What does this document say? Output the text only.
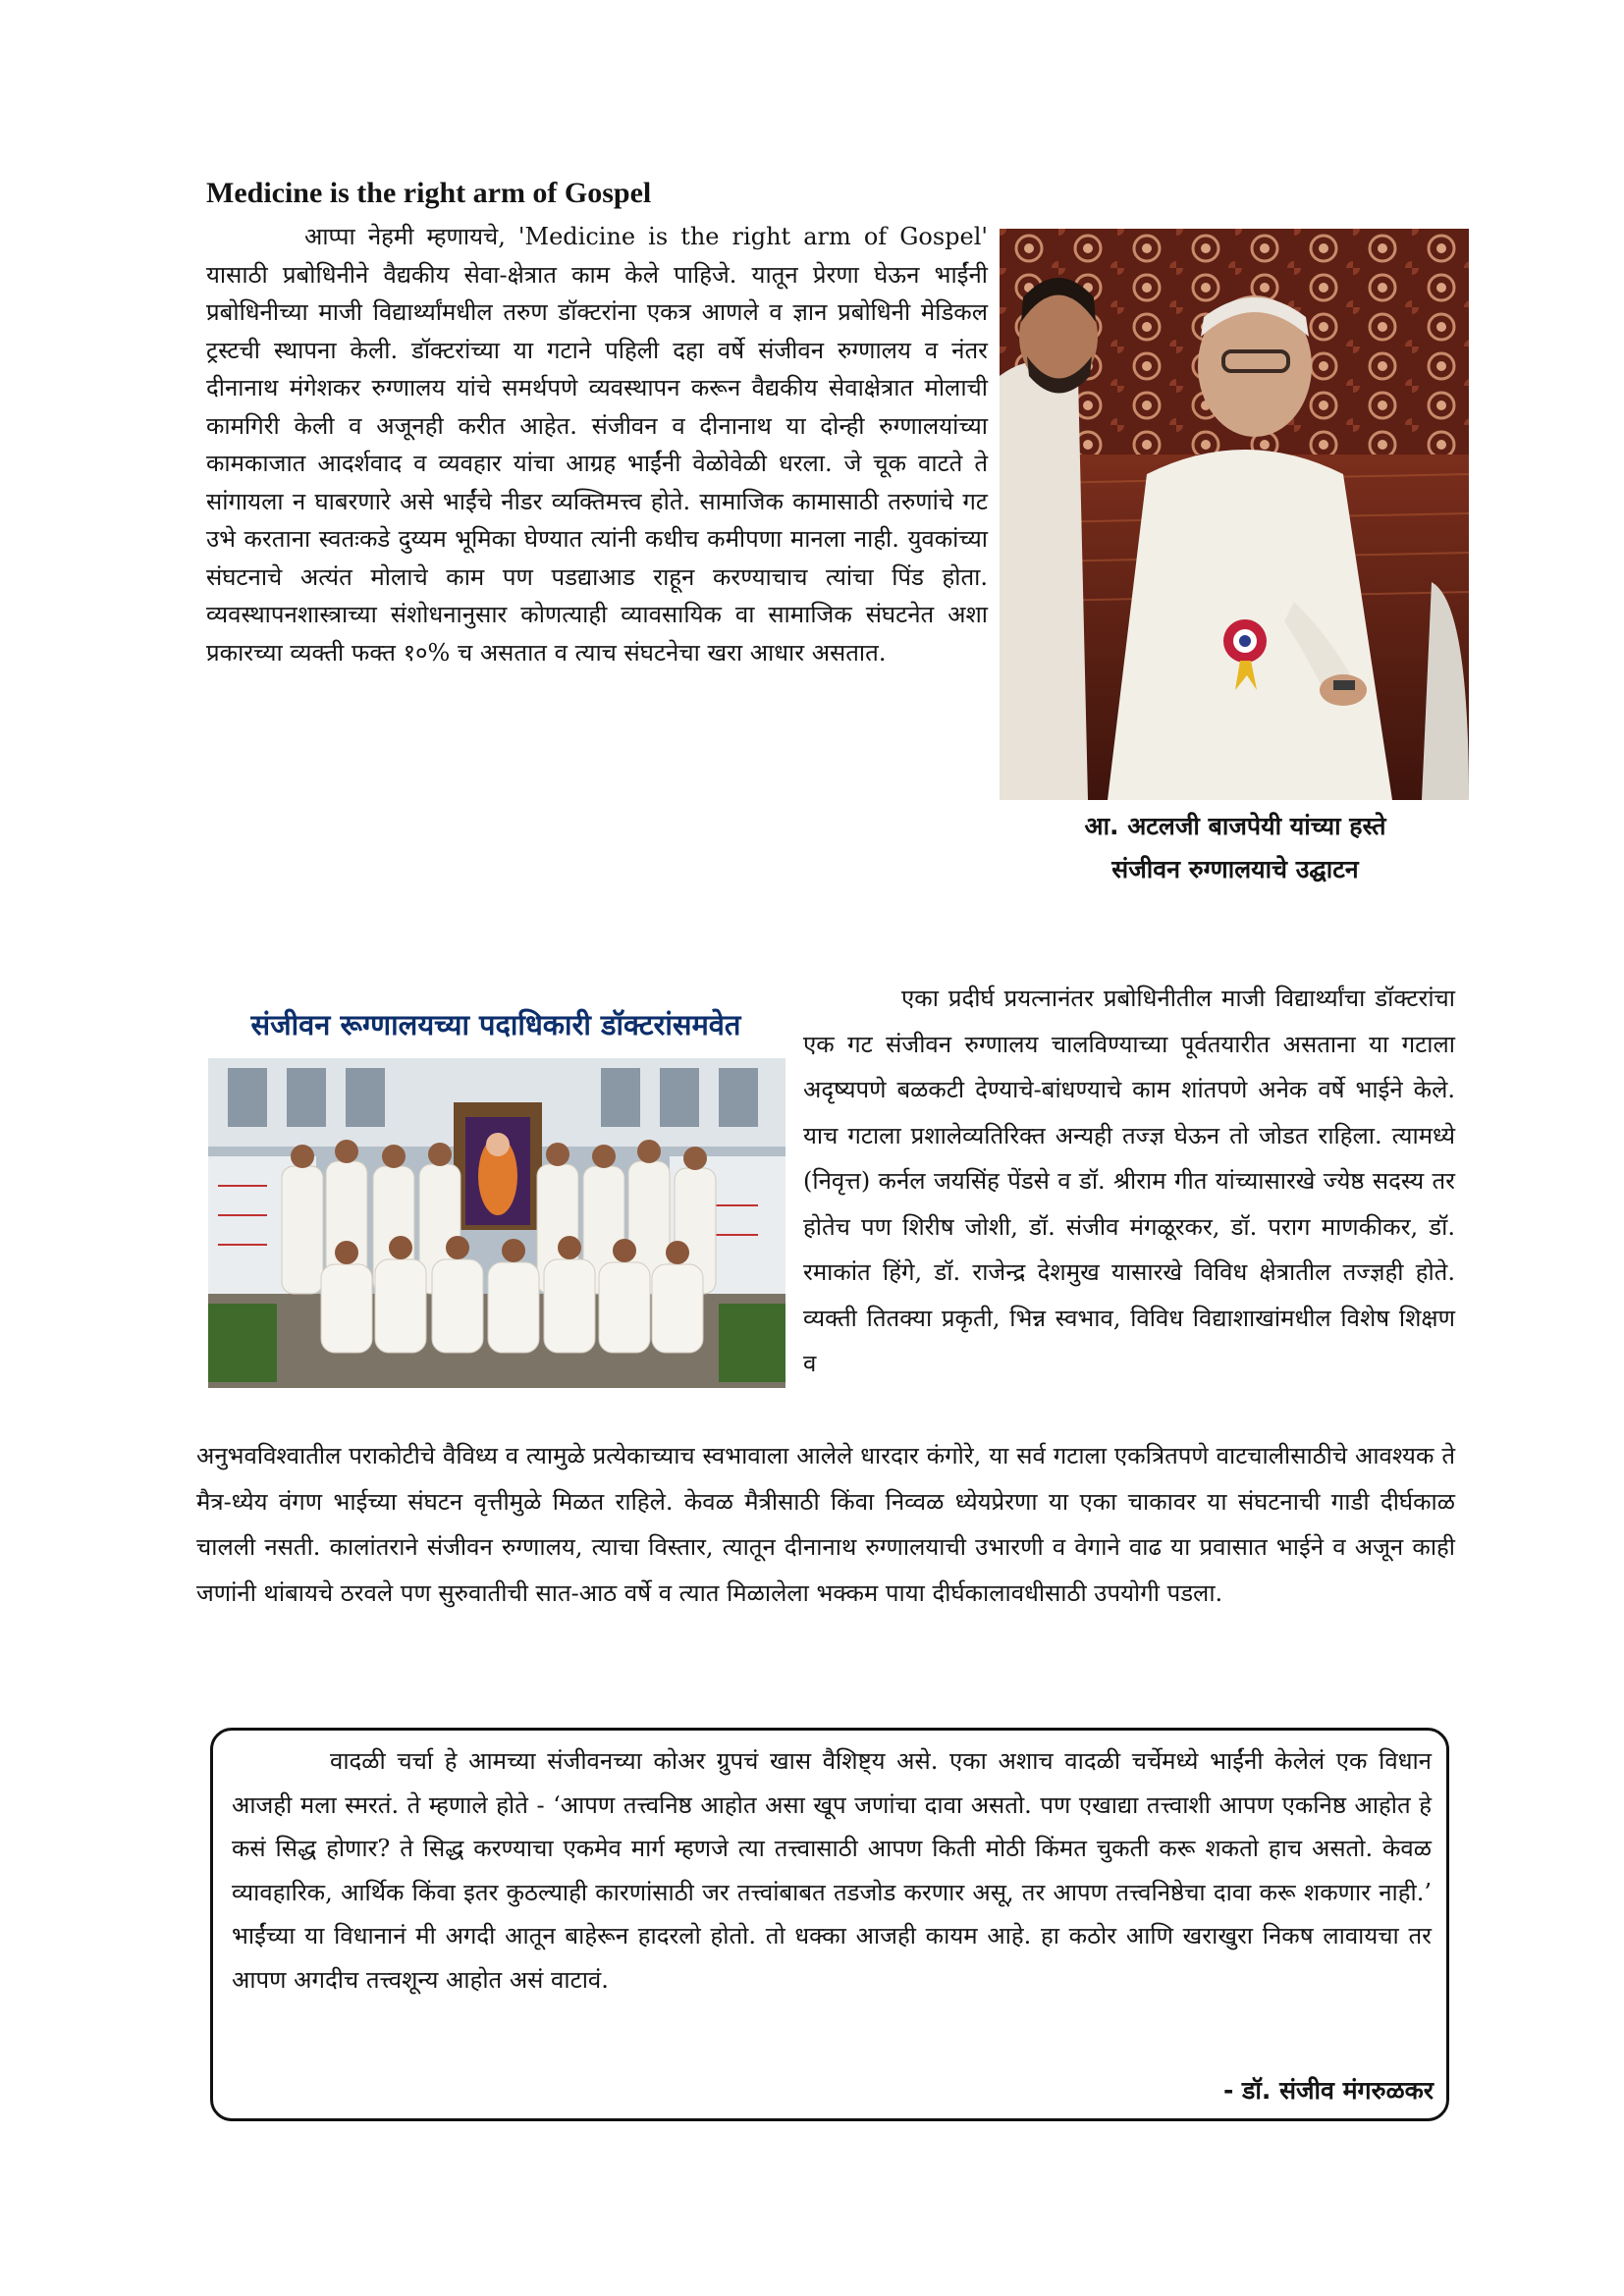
Medicine is the right arm of Gospel
आप्पा नेहमी म्हणायचे, 'Medicine is the right arm of Gospel' यासाठी प्रबोधिनीने वैद्यकीय सेवा-क्षेत्रात काम केले पाहिजे. यातून प्रेरणा घेऊन भाईंनी प्रबोधिनीच्या माजी विद्यार्थ्यांमधील तरुण डॉक्टरांना एकत्र आणले व ज्ञान प्रबोधिनी मेडिकल ट्रस्टची स्थापना केली. डॉक्टरांच्या या गटाने पहिली दहा वर्षे संजीवन रुग्णालय व नंतर दीनानाथ मंगेशकर रुग्णालय यांचे समर्थपणे व्यवस्थापन करून वैद्यकीय सेवाक्षेत्रात मोलाची कामगिरी केली व अजूनही करीत आहेत. संजीवन व दीनानाथ या दोन्ही रुग्णालयांच्या कामकाजात आदर्शवाद व व्यवहार यांचा आग्रह भाईंनी वेळोवेळी धरला. जे चूक वाटते ते सांगायला न घाबरणारे असे भाईंचे नीडर व्यक्तिमत्त्व होते. सामाजिक कामासाठी तरुणांचे गट उभे करताना स्वतःकडे दुय्यम भूमिका घेण्यात त्यांनी कधीच कमीपणा मानला नाही. युवकांच्या संघटनाचे अत्यंत मोलाचे काम पण पडद्याआड राहून करण्याचाच त्यांचा पिंड होता. व्यवस्थापनशास्त्राच्या संशोधनानुसार कोणत्याही व्यावसायिक वा सामाजिक संघटनेत अशा प्रकारच्या व्यक्ती फक्त १०% च असतात व त्याच संघटनेचा खरा आधार असतात.
आ. अटलजी बाजपेयी यांच्या हस्ते
संजीवन रुग्णालयाचे उद्घाटन
संजीवन रूग्णालयच्या पदाधिकारी डॉक्टरांसमवेत
एका प्रदीर्घ प्रयत्नानंतर प्रबोधिनीतील माजी विद्यार्थ्यांचा डॉक्टरांचा एक गट संजीवन रुग्णालय चालविण्याच्या पूर्वतयारीत असताना या गटाला अदृष्यपणे बळकटी देण्याचे-बांधण्याचे काम शांतपणे अनेक वर्षे भाईने केले. याच गटाला प्रशालेव्यतिरिक्त अन्यही तज्ज्ञ घेऊन तो जोडत राहिला. त्यामध्ये (निवृत्त) कर्नल जयसिंह पेंडसे व डॉ. श्रीराम गीत यांच्यासारखे ज्येष्ठ सदस्य तर होतेच पण शिरीष जोशी, डॉ. संजीव मंगळूरकर, डॉ. पराग माणकीकर, डॉ. रमाकांत हिंगे, डॉ. राजेन्द्र देशमुख यासारखे विविध क्षेत्रातील तज्ज्ञही होते. व्यक्ती तितक्या प्रकृती, भिन्न स्वभाव, विविध विद्याशाखांमधील विशेष शिक्षण व
अनुभवविश्वातील पराकोटीचे वैविध्य व त्यामुळे प्रत्येकाच्याच स्वभावाला आलेले धारदार कंगोरे, या सर्व गटाला एकत्रितपणे वाटचालीसाठीचे आवश्यक ते मैत्र-ध्येय वंगण भाईच्या संघटन वृत्तीमुळे मिळत राहिले. केवळ मैत्रीसाठी किंवा निव्वळ ध्येयप्रेरणा या एका चाकावर या संघटनाची गाडी दीर्घकाळ चालली नसती. कालांतराने संजीवन रुग्णालय, त्याचा विस्तार, त्यातून दीनानाथ रुग्णालयाची उभारणी व वेगाने वाढ या प्रवासात भाईने व अजून काही जणांनी थांबायचे ठरवले पण सुरुवातीची सात-आठ वर्षे व त्यात मिळालेला भक्कम पाया दीर्घकालावधीसाठी उपयोगी पडला.
वादळी चर्चा हे आमच्या संजीवनच्या कोअर ग्रुपचं खास वैशिष्ट्य असे. एका अशाच वादळी चर्चेमध्ये भाईंनी केलेलं एक विधान आजही मला स्मरतं. ते म्हणाले होते - ‘आपण तत्त्वनिष्ठ आहोत असा खूप जणांचा दावा असतो. पण एखाद्या तत्त्वाशी आपण एकनिष्ठ आहोत हे कसं सिद्ध होणार? ते सिद्ध करण्याचा एकमेव मार्ग म्हणजे त्या तत्त्वासाठी आपण किती मोठी किंमत चुकती करू शकतो हाच असतो. केवळ व्यावहारिक, आर्थिक किंवा इतर कुठल्याही कारणांसाठी जर तत्त्वांबाबत तडजोड करणार असू, तर आपण तत्त्वनिष्ठेचा दावा करू शकणार नाही.’ भाईंच्या या विधानानं मी अगदी आतून बाहेरून हादरलो होतो. तो धक्का आजही कायम आहे. हा कठोर आणि खराखुरा निकष लावायचा तर आपण अगदीच तत्त्वशून्य आहोत असं वाटावं.
- डॉ. संजीव मंगरुळकर
